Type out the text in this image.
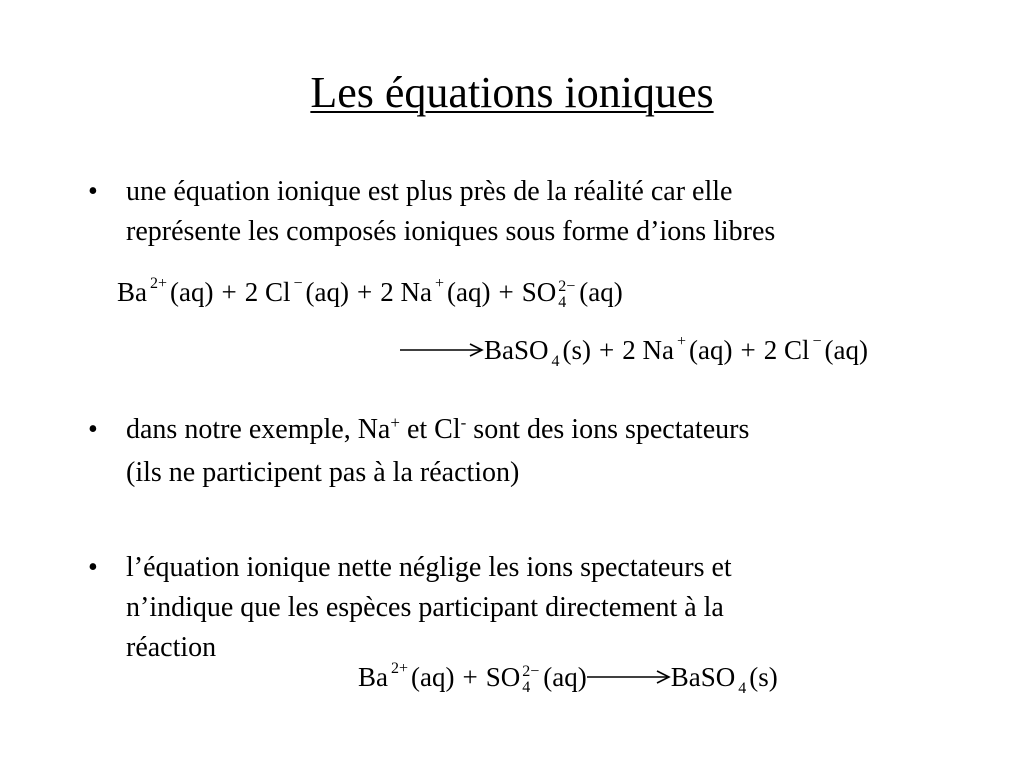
Les équations ioniques
• une équation ionique est plus près de la réalité car elle
représente les composés ioniques sous forme d’ions libres
Ba $^{2+}$ (aq) + 2 Cl − (aq) + 2 Na + (aq) + SO 2−
4 (aq)
→BaSO $_4$ (s) + 2 Na + (aq) + 2 Cl − (aq)
• dans notre exemple, Na+ et Cl- sont des ions spectateurs
(ils ne participent pas à la réaction)
• l’équation ionique nette néglige les ions spectateurs et
n’indique que les espèces participant directement à la
réaction
Ba $^{2+}$ (aq) + SO 2−
4 (aq)→BaSO $_4$ (s)
